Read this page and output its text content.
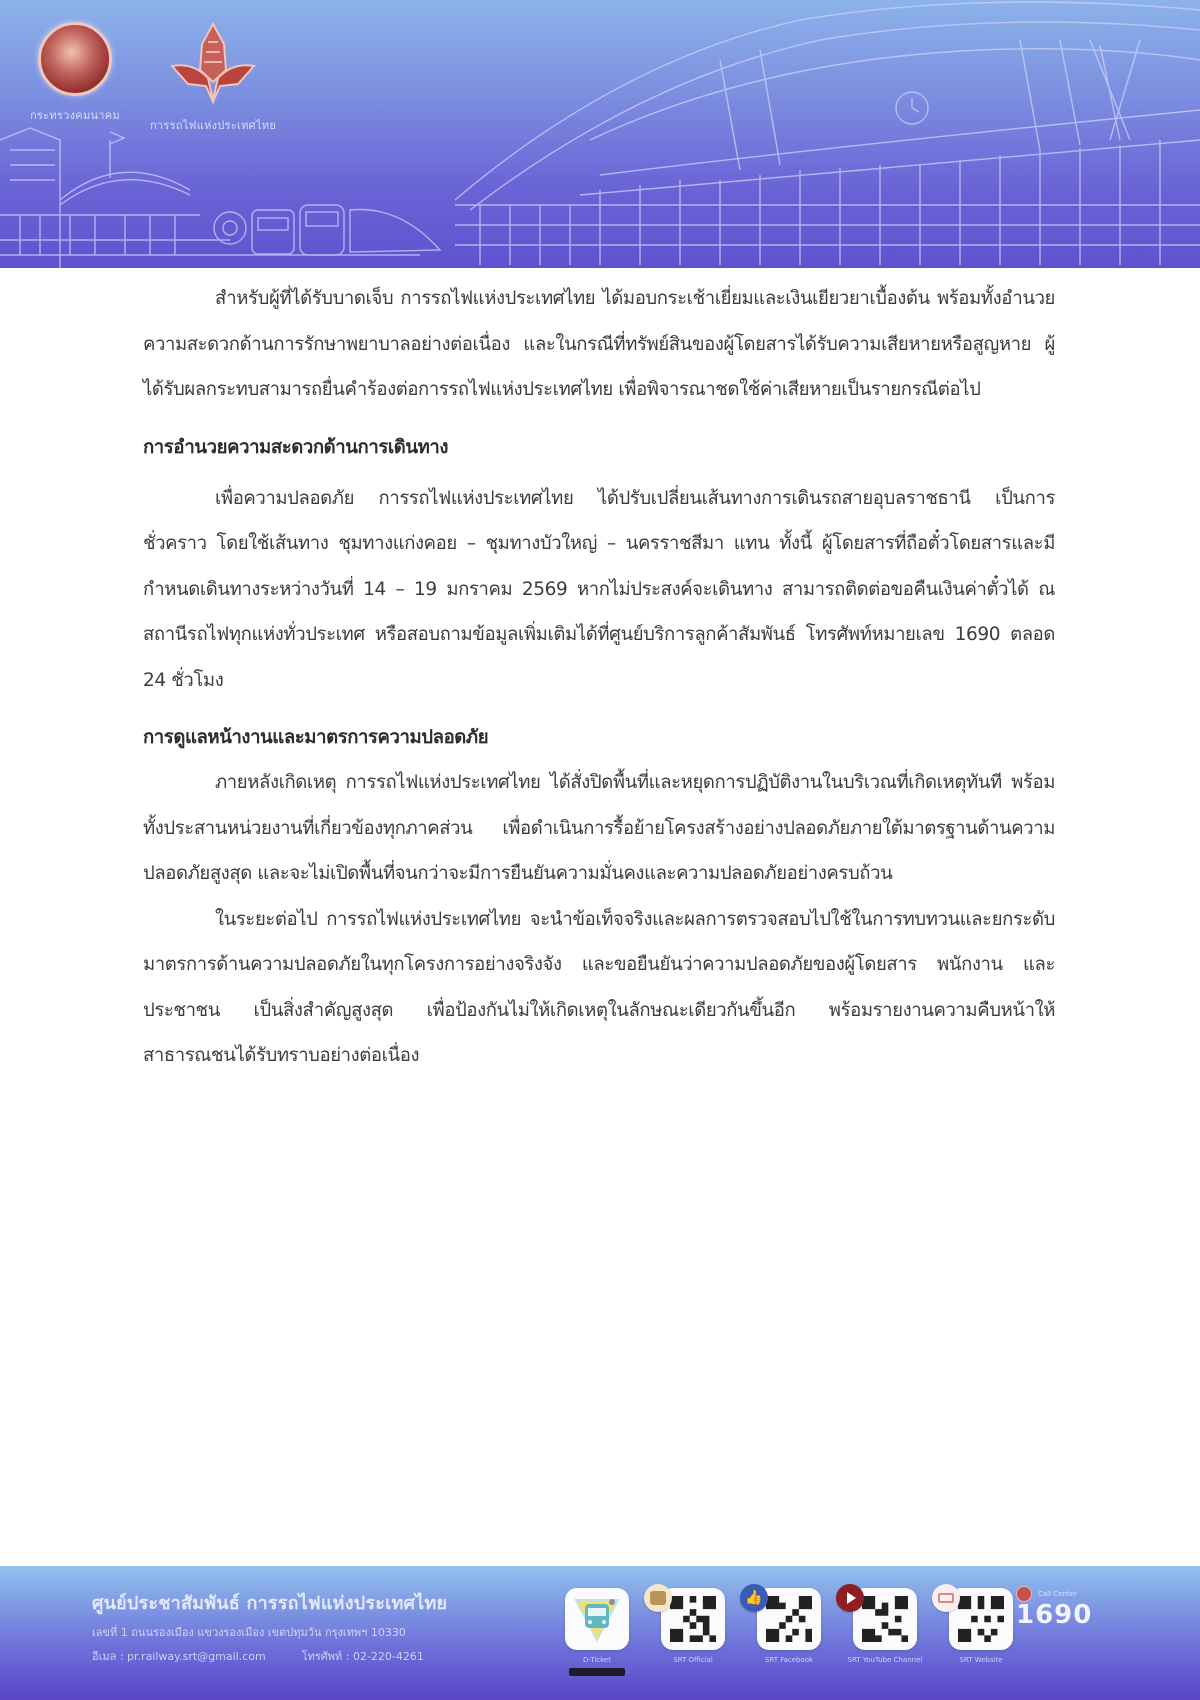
กระทรวงคมนาคม
การรถไฟแห่งประเทศไทย

สำหรับผู้ที่ได้รับบาดเจ็บ การรถไฟแห่งประเทศไทย ได้มอบกระเช้าเยี่ยมและเงินเยียวยาเบื้องต้น พร้อมทั้งอำนวยความสะดวกด้านการรักษาพยาบาลอย่างต่อเนื่อง และในกรณีที่ทรัพย์สินของผู้โดยสารได้รับความเสียหายหรือสูญหาย ผู้ได้รับผลกระทบสามารถยื่นคำร้องต่อการรถไฟแห่งประเทศไทย เพื่อพิจารณาชดใช้ค่าเสียหายเป็นรายกรณีต่อไป

การอำนวยความสะดวกด้านการเดินทาง

เพื่อความปลอดภัย การรถไฟแห่งประเทศไทย ได้ปรับเปลี่ยนเส้นทางการเดินรถสายอุบลราชธานี เป็นการชั่วคราว โดยใช้เส้นทาง ชุมทางแก่งคอย – ชุมทางบัวใหญ่ – นครราชสีมา แทน ทั้งนี้ ผู้โดยสารที่ถือตั๋วโดยสารและมีกำหนดเดินทางระหว่างวันที่ 14 – 19 มกราคม 2569 หากไม่ประสงค์จะเดินทาง สามารถติดต่อขอคืนเงินค่าตั๋วได้ ณ สถานีรถไฟทุกแห่งทั่วประเทศ หรือสอบถามข้อมูลเพิ่มเติมได้ที่ศูนย์บริการลูกค้าสัมพันธ์ โทรศัพท์หมายเลข 1690 ตลอด 24 ชั่วโมง

การดูแลหน้างานและมาตรการความปลอดภัย

ภายหลังเกิดเหตุ การรถไฟแห่งประเทศไทย ได้สั่งปิดพื้นที่และหยุดการปฏิบัติงานในบริเวณที่เกิดเหตุทันที พร้อมทั้งประสานหน่วยงานที่เกี่ยวข้องทุกภาคส่วน เพื่อดำเนินการรื้อย้ายโครงสร้างอย่างปลอดภัยภายใต้มาตรฐานด้านความปลอดภัยสูงสุด และจะไม่เปิดพื้นที่จนกว่าจะมีการยืนยันความมั่นคงและความปลอดภัยอย่างครบถ้วน

ในระยะต่อไป การรถไฟแห่งประเทศไทย จะนำข้อเท็จจริงและผลการตรวจสอบไปใช้ในการทบทวนและยกระดับมาตรการด้านความปลอดภัยในทุกโครงการอย่างจริงจัง และขอยืนยันว่าความปลอดภัยของผู้โดยสาร พนักงาน และประชาชน เป็นสิ่งสำคัญสูงสุด เพื่อป้องกันไม่ให้เกิดเหตุในลักษณะเดียวกันขึ้นอีก พร้อมรายงานความคืบหน้าให้สาธารณชนได้รับทราบอย่างต่อเนื่อง

ศูนย์ประชาสัมพันธ์ การรถไฟแห่งประเทศไทย
เลขที่ 1 ถนนรองเมือง แขวงรองเมือง เขตปทุมวัน กรุงเทพฯ 10330
อีเมล : pr.railway.srt@gmail.com	โทรศัพท์ : 02-220-4261	D-Ticket	SRT Official
👍
SRT Facebook	SRT YouTube Channel	SRT Website
Call Center
1690
